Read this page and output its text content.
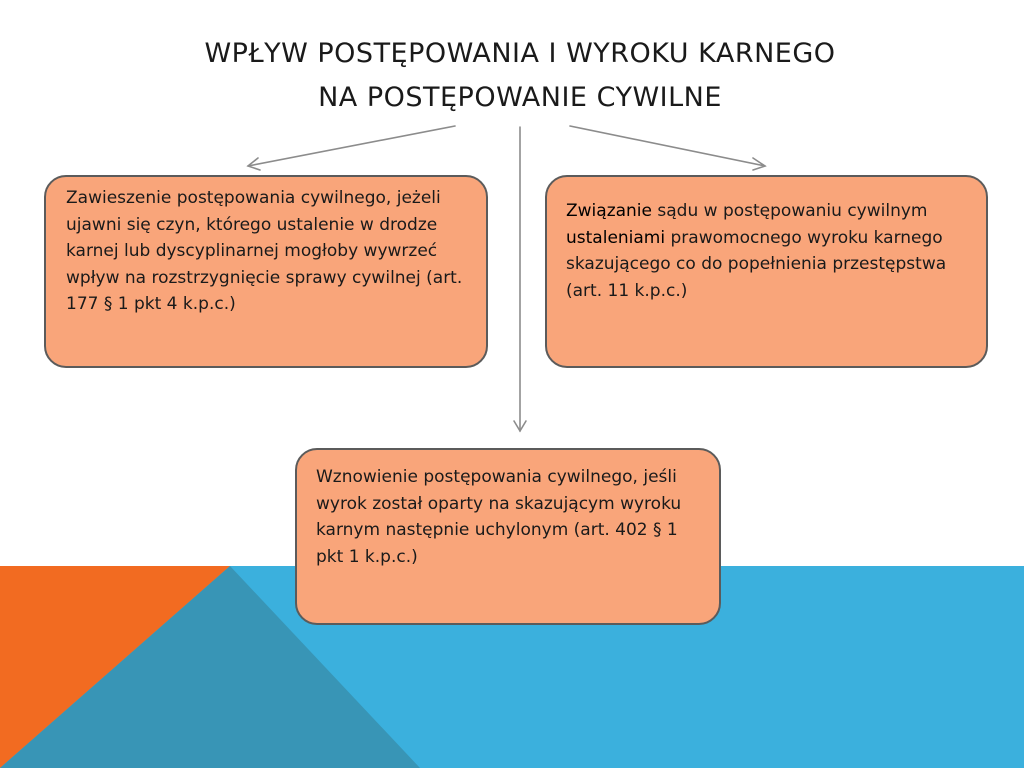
WPŁYW POSTĘPOWANIA I WYROKU KARNEGO
NA POSTĘPOWANIE CYWILNE

Zawieszenie postępowania cywilnego, jeżeli ujawni się czyn, którego ustalenie w drodze karnej lub dyscyplinarnej mogłoby wywrzeć wpływ na rozstrzygnięcie sprawy cywilnej (art. 177 § 1 pkt 4 k.p.c.)

Związanie sądu w postępowaniu cywilnym ustaleniami prawomocnego wyroku karnego skazującego co do popełnienia przestępstwa (art. 11 k.p.c.)

Wznowienie postępowania cywilnego, jeśli wyrok został oparty na skazującym wyroku karnym następnie uchylonym (art. 402 § 1 pkt 1 k.p.c.)
